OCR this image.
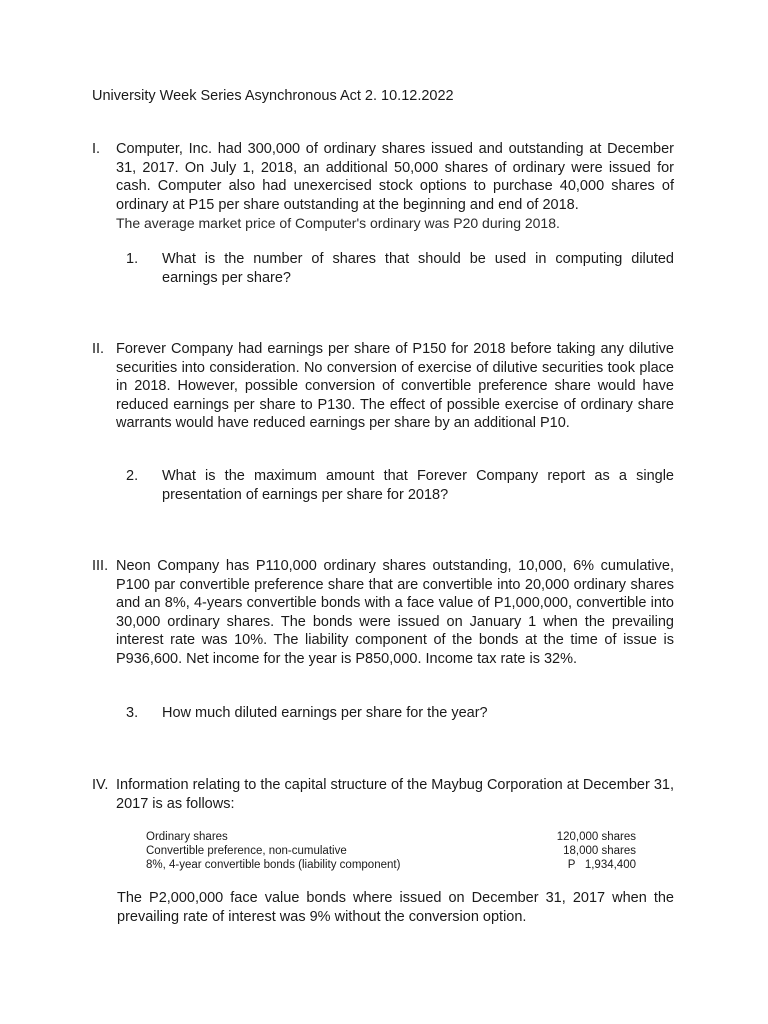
University Week Series Asynchronous Act 2. 10.12.2022
I. Computer, Inc. had 300,000 of ordinary shares issued and outstanding at December 31, 2017. On July 1, 2018, an additional 50,000 shares of ordinary were issued for cash. Computer also had unexercised stock options to purchase 40,000 shares of ordinary at P15 per share outstanding at the beginning and end of 2018.
The average market price of Computer's ordinary was P20 during 2018.
1. What is the number of shares that should be used in computing diluted earnings per share?
II. Forever Company had earnings per share of P150 for 2018 before taking any dilutive securities into consideration. No conversion of exercise of dilutive securities took place in 2018. However, possible conversion of convertible preference share would have reduced earnings per share to P130. The effect of possible exercise of ordinary share warrants would have reduced earnings per share by an additional P10.
2. What is the maximum amount that Forever Company report as a single presentation of earnings per share for 2018?
III. Neon Company has P110,000 ordinary shares outstanding, 10,000, 6% cumulative, P100 par convertible preference share that are convertible into 20,000 ordinary shares and an 8%, 4-years convertible bonds with a face value of P1,000,000, convertible into 30,000 ordinary shares. The bonds were issued on January 1 when the prevailing interest rate was 10%. The liability component of the bonds at the time of issue is P936,600. Net income for the year is P850,000. Income tax rate is 32%.
3. How much diluted earnings per share for the year?
IV. Information relating to the capital structure of the Maybug Corporation at December 31, 2017 is as follows:
Ordinary shares	120,000 shares
Convertible preference, non-cumulative	18,000 shares
8%, 4-year convertible bonds (liability component)	P   1,934,400
The P2,000,000 face value bonds where issued on December 31, 2017 when the prevailing rate of interest was 9% without the conversion option.
